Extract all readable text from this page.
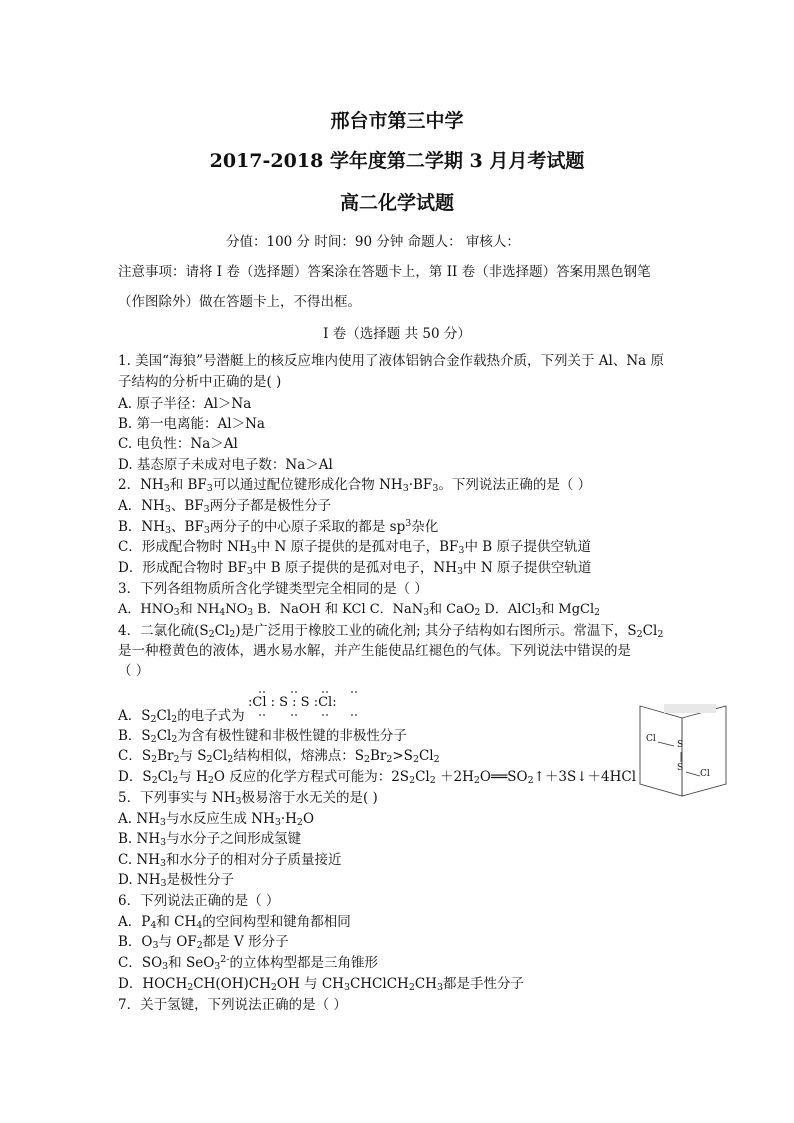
邢台市第三中学
2017-2018 学年度第二学期 3 月月考试题
高二化学试题
分值：100 分 时间：90 分钟 命题人： 审核人：
注意事项：请将 I 卷（选择题）答案涂在答题卡上，第 II 卷（非选择题）答案用黑色钢笔
（作图除外）做在答题卡上，不得出框。
I 卷（选择题 共 50 分）
1. 美国“海狼”号潜艇上的核反应堆内使用了液体铝钠合金作载热介质，下列关于 Al、Na 原
子结构的分析中正确的是( )
A. 原子半径：Al＞Na
B. 第一电离能：Al＞Na
C. 电负性：Na＞Al
D. 基态原子未成对电子数：Na＞Al
2．$NH_3$和 $BF_3$可以通过配位键形成化合物 $NH_3\cdot BF_3$。下列说法正确的是（ ）
A．$NH_3$、$BF_3$两分子都是极性分子
B．$NH_3$、$BF_3$两分子的中心原子采取的都是 $sp^3$杂化
C．形成配合物时 $NH_3$中 N 原子提供的是孤对电子，$BF_3$中 B 原子提供空轨道
D．形成配合物时 $BF_3$中 B 原子提供的是孤对电子，$NH_3$中 N 原子提供空轨道
3．下列各组物质所含化学键类型完全相同的是（ ）
A．$HNO_3$和 $NH_4NO_3$ B．NaOH 和 KCl C．NaN$_3$和 CaO$_2$ D．AlCl$_3$和 MgCl$_2$
4．二氯化硫$(S_2Cl_2)$是广泛用于橡胶工业的硫化剂; 其分子结构如右图所示。常温下，$S_2Cl_2$
是一种橙黄色的液体，遇水易水解，并产生能使品红褪色的气体。下列说法中错误的是
（ ）
:Cl : S : S :Cl:
A．$S_2Cl_2$的电子式为
B．$S_2Cl_2$为含有极性键和非极性键的非极性分子
C．$S_2Br_2$与 $S_2Cl_2$结构相似，熔沸点：$S_2Br_2>S_2Cl_2$
D．$S_2Cl_2$与 $H_2O$ 反应的化学方程式可能为：$2S_2Cl_2$ $+2H_2O══SO_2↑+3S↓+4HCl$
Cl
S
S
Cl
5．下列事实与 $NH_3$极易溶于水无关的是( )
A. $NH_3$与水反应生成 $NH_3\cdot H_2O$
B. $NH_3$与水分子之间形成氢键
C. $NH_3$和水分子的相对分子质量接近
D. $NH_3$是极性分子
6．下列说法正确的是（ ）
A．$P_4$和 $CH_4$的空间构型和键角都相同
B．$O_3$与 $OF_2$都是 V 形分子
C．$SO_3$和 SeO$_3^{2-}$的立体构型都是三角锥形
D．$HOCH_2CH(OH)CH_2OH$ 与 $CH_3CHClCH_2CH_3$都是手性分子
7．关于氢键，下列说法正确的是（ ）
